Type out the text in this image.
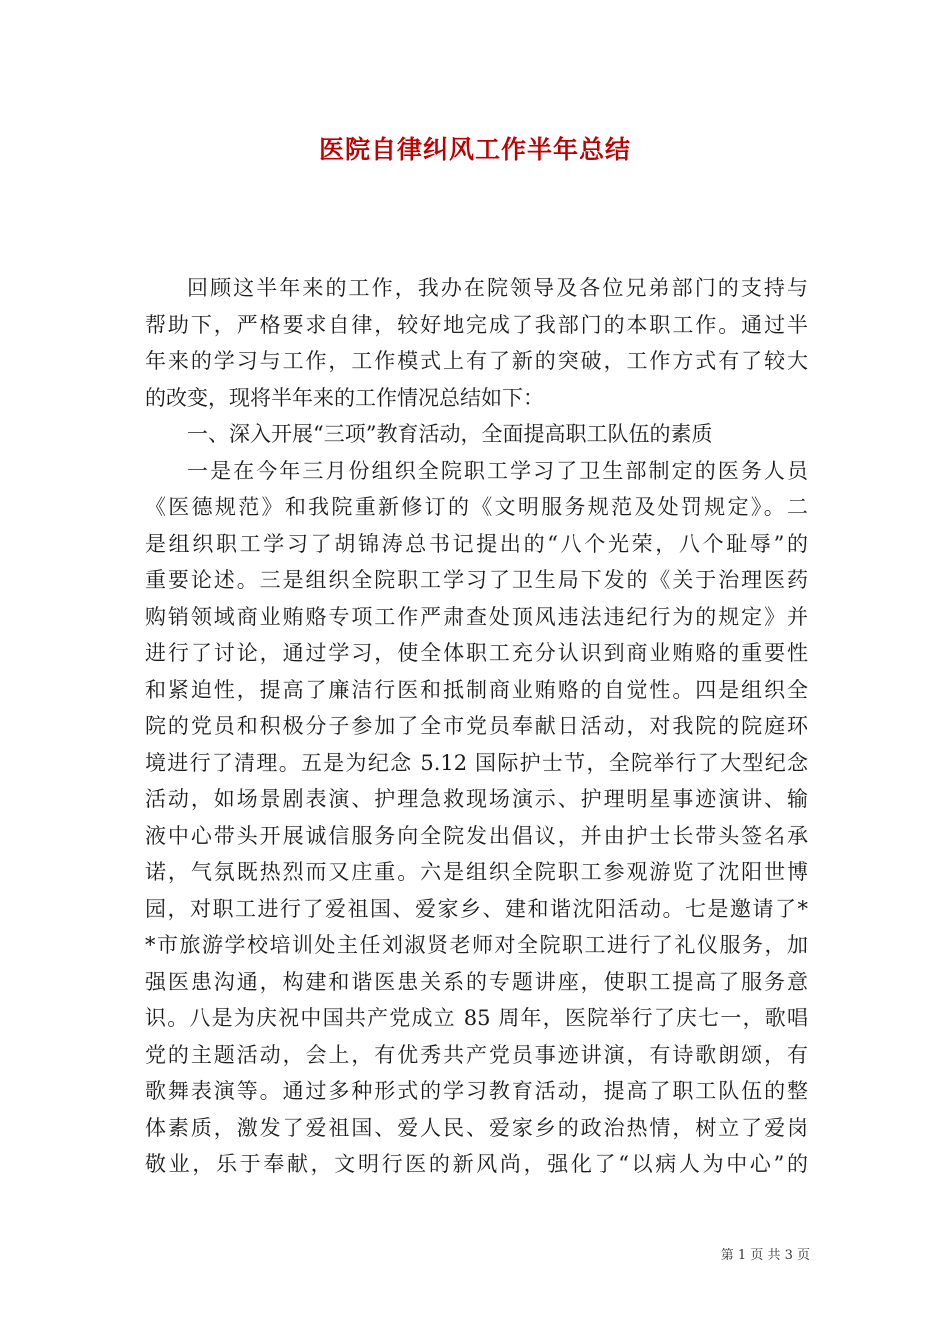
医院自律纠风工作半年总结
回顾这半年来的工作，我办在院领导及各位兄弟部门的支持与
帮助下，严格要求自律，较好地完成了我部门的本职工作。通过半
年来的学习与工作，工作模式上有了新的突破，工作方式有了较大
的改变，现将半年来的工作情况总结如下：
一、深入开展“三项”教育活动，全面提高职工队伍的素质
一是在今年三月份组织全院职工学习了卫生部制定的医务人员
《医德规范》和我院重新修订的《文明服务规范及处罚规定》。二
是组织职工学习了胡锦涛总书记提出的“八个光荣，八个耻辱”的
重要论述。三是组织全院职工学习了卫生局下发的《关于治理医药
购销领域商业贿赂专项工作严肃查处顶风违法违纪行为的规定》并
进行了讨论，通过学习，使全体职工充分认识到商业贿赂的重要性
和紧迫性，提高了廉洁行医和抵制商业贿赂的自觉性。四是组织全
院的党员和积极分子参加了全市党员奉献日活动，对我院的院庭环
境进行了清理。五是为纪念 5.12 国际护士节，全院举行了大型纪念
活动，如场景剧表演、护理急救现场演示、护理明星事迹演讲、输
液中心带头开展诚信服务向全院发出倡议，并由护士长带头签名承
诺，气氛既热烈而又庄重。六是组织全院职工参观游览了沈阳世博
园，对职工进行了爱祖国、爱家乡、建和谐沈阳活动。七是邀请了*
*市旅游学校培训处主任刘淑贤老师对全院职工进行了礼仪服务，加
强医患沟通，构建和谐医患关系的专题讲座，使职工提高了服务意
识。八是为庆祝中国共产党成立 85 周年，医院举行了庆七一，歌唱
党的主题活动，会上，有优秀共产党员事迹讲演，有诗歌朗颂，有
歌舞表演等。通过多种形式的学习教育活动，提高了职工队伍的整
体素质，激发了爱祖国、爱人民、爱家乡的政治热情，树立了爱岗
敬业，乐于奉献，文明行医的新风尚，强化了“以病人为中心”的
第 1 页 共 3 页
